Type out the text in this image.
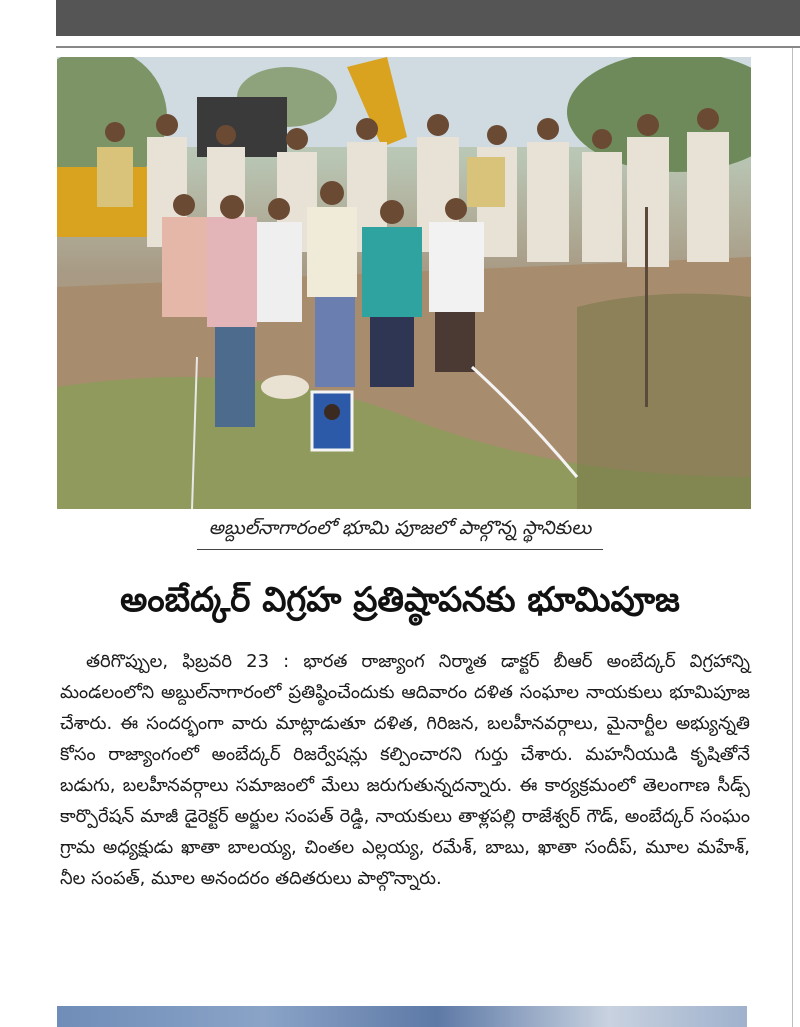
అబ్దుల్‌నాగారంలో భూమి పూజలో పాల్గొన్న స్థానికులు
అంబేద్కర్ విగ్రహ ప్రతిష్ఠాపనకు భూమిపూజ
తరిగొప్పుల, ఫిబ్రవరి 23 : భారత రాజ్యాంగ నిర్మాత డాక్టర్ బీఆర్ అంబేద్కర్ విగ్రహాన్ని మండలంలోని అబ్దుల్‌నాగారంలో ప్రతిష్ఠించేందుకు ఆదివారం దళిత సంఘాల నాయకులు భూమిపూజ చేశారు. ఈ సందర్భంగా వారు మాట్లాడుతూ దళిత, గిరిజన, బలహీనవర్గాలు, మైనార్టీల అభ్యున్నతి కోసం రాజ్యాంగంలో అంబేద్కర్ రిజర్వేషన్లు కల్పించారని గుర్తు చేశారు. మహనీయుడి కృషితోనే బడుగు, బలహీనవర్గాలు సమాజంలో మేలు జరుగుతున్నదన్నారు. ఈ కార్యక్రమంలో తెలంగాణ సీడ్స్ కార్పొరేషన్ మాజీ డైరెక్టర్ అర్జుల సంపత్ రెడ్డి, నాయకులు తాళ్లపల్లి రాజేశ్వర్ గౌడ్, అంబేద్కర్ సంఘం గ్రామ అధ్యక్షుడు ఖాతా బాలయ్య, చింతల ఎల్లయ్య, రమేశ్, బాబు, ఖాతా సందీప్, మూల మహేశ్, నీల సంపత్, మూల అనందరం తదితరులు పాల్గొన్నారు.
